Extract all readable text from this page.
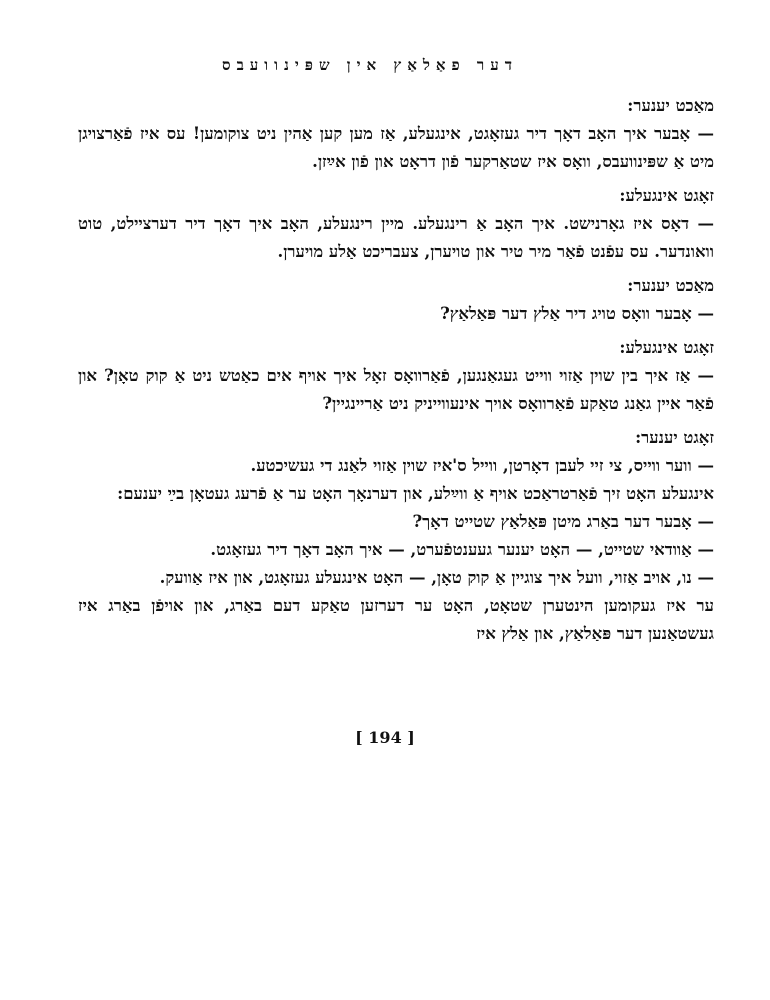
דער פאַלאַץ אין שפּינוועבס

מאַכט יענער:

— אָבער איך האָב דאָך דיר געזאָגט, אינגעלע, אַז מען קען אַהין ניט צוקומען! עס איז פֿאַרצויגן מיט אַ שפּינוועבס, וואָס איז שטאַרקער פֿון דראָט און פֿון אײַזן.

זאָגט אינגעלע:

— דאָס איז גאָרנישט. איך האָב אַ רינגעלע. מיין רינגעלע, האָב איך דאָך דיר דערציילט, טוט וואונדער. עס עפֿנט פֿאַר מיר טיר און טויערן, צעבריכט אַלע מויערן.

מאַכט יענער:

— אָבער וואָס טויג דיר אַלץ דער פּאַלאַץ?

זאָגט אינגעלע:

— אַז איך בין שוין אַזוי ווייט געגאַנגען, פֿאַרוואָס זאָל איך אויף אים כאַטש ניט אַ קוק טאָן? און פֿאַר איין גאַנג טאַקע פֿאַרוואָס אויך אינעווייניק ניט אַריינגיין?

זאָגט יענער:

— ווער ווייס, צי זיי לעבן דאָרטן, ווייל ס'איז שוין אַזוי לאַנג די געשיכטע.

אינגעלע האָט זיך פֿאַרטראַכט אויף אַ ווײַלע, און דערנאָך האָט ער אַ פֿרעג געטאָן בײַ יענעם:

— אָבער דער באַרג מיטן פּאַלאַץ שטייט דאָך?

— אַוודאי שטייט, — האָט יענער געענטפֿערט, — איך האָב דאָך דיר געזאָגט.

— נו, אויב אַזוי, וועל איך צוגיין אַ קוק טאָן, — האָט אינגעלע געזאָגט, און איז אַוועק.

ער איז געקומען הינטערן שטאָט, האָט ער דערזען טאַקע דעם באַרג, און אויפֿן באַרג איז געשטאַנען דער פּאַלאַץ, און אַלץ איז

[ 194 ]
